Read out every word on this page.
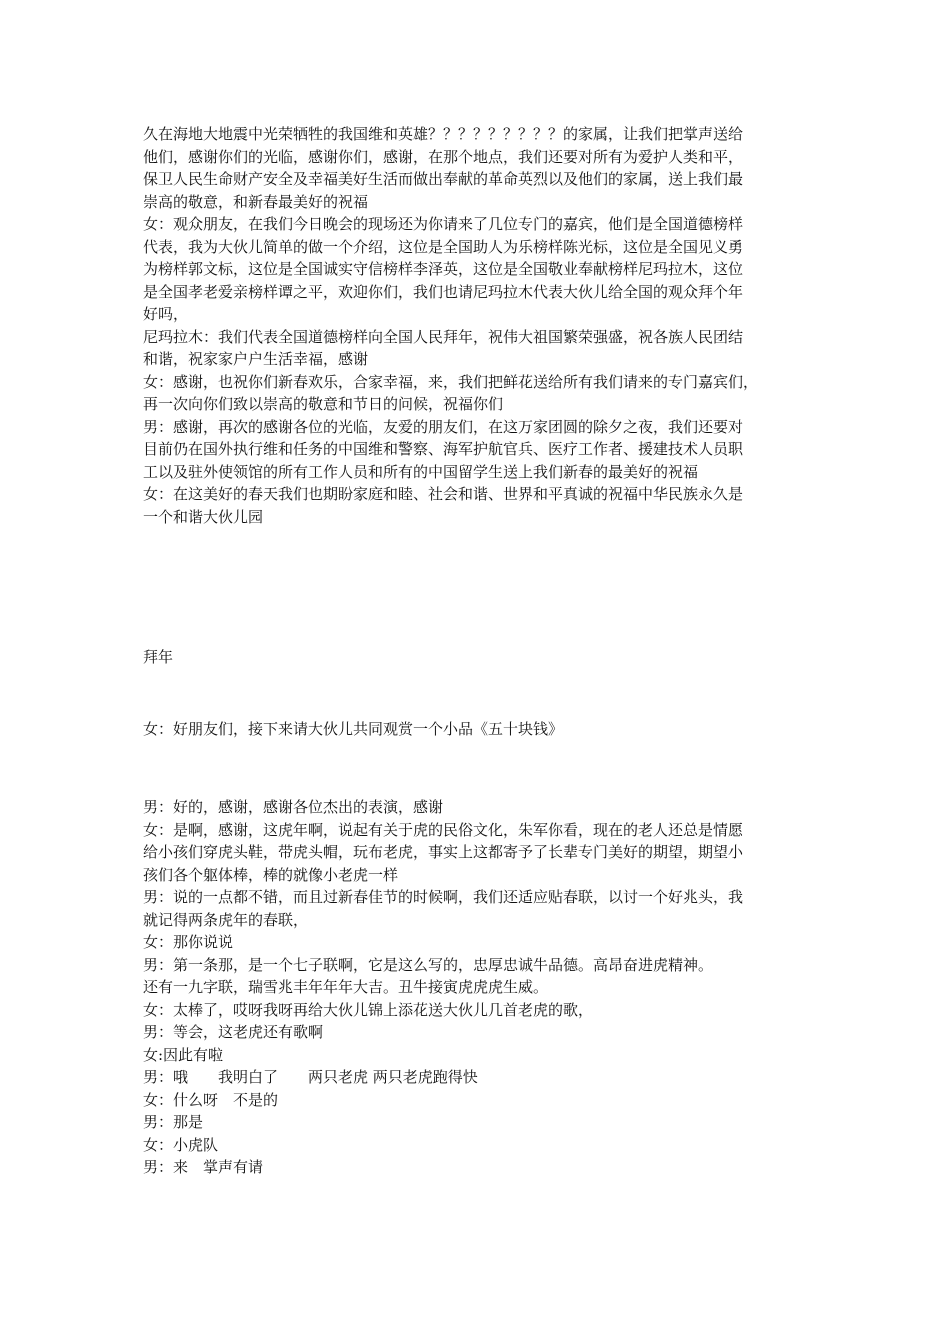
久在海地大地震中光荣牺牲的我国维和英雄？？？？？？？？？的家属，让我们把掌声送给
他们，感谢你们的光临，感谢你们，感谢，在那个地点，我们还要对所有为爱护人类和平，
保卫人民生命财产安全及幸福美好生活而做出奉献的革命英烈以及他们的家属，送上我们最
崇高的敬意，和新春最美好的祝福
女：观众朋友，在我们今日晚会的现场还为你请来了几位专门的嘉宾，他们是全国道德榜样
代表，我为大伙儿简单的做一个介绍，这位是全国助人为乐榜样陈光标，这位是全国见义勇
为榜样郭文标，这位是全国诚实守信榜样李泽英，这位是全国敬业奉献榜样尼玛拉木，这位
是全国孝老爱亲榜样谭之平，欢迎你们，我们也请尼玛拉木代表大伙儿给全国的观众拜个年
好吗，
尼玛拉木：我们代表全国道德榜样向全国人民拜年，祝伟大祖国繁荣强盛，祝各族人民团结
和谐，祝家家户户生活幸福，感谢
女：感谢，也祝你们新春欢乐，合家幸福，来，我们把鲜花送给所有我们请来的专门嘉宾们，
再一次向你们致以崇高的敬意和节日的问候，祝福你们
男：感谢，再次的感谢各位的光临，友爱的朋友们，在这万家团圆的除夕之夜，我们还要对
目前仍在国外执行维和任务的中国维和警察、海军护航官兵、医疗工作者、援建技术人员职
工以及驻外使领馆的所有工作人员和所有的中国留学生送上我们新春的最美好的祝福
女：在这美好的春天我们也期盼家庭和睦、社会和谐、世界和平真诚的祝福中华民族永久是
一个和谐大伙儿园
拜年
女：好朋友们，接下来请大伙儿共同观赏一个小品《五十块钱》
男：好的，感谢，感谢各位杰出的表演，感谢
女：是啊，感谢，这虎年啊，说起有关于虎的民俗文化，朱军你看，现在的老人还总是情愿
给小孩们穿虎头鞋，带虎头帽，玩布老虎，事实上这都寄予了长辈专门美好的期望，期望小
孩们各个躯体棒，棒的就像小老虎一样
男：说的一点都不错，而且过新春佳节的时候啊，我们还适应贴春联，以讨一个好兆头，我
就记得两条虎年的春联，
女：那你说说
男：第一条那，是一个七子联啊，它是这么写的，忠厚忠诚牛品德。高昂奋进虎精神。
还有一九字联，瑞雪兆丰年年年大吉。丑牛接寅虎虎虎生威。
女：太棒了，哎呀我呀再给大伙儿锦上添花送大伙儿几首老虎的歌，
男：等会，这老虎还有歌啊
女:因此有啦
男：哦　　我明白了　　两只老虎 两只老虎跑得快
女：什么呀　不是的
男：那是
女：小虎队
男：来　掌声有请
